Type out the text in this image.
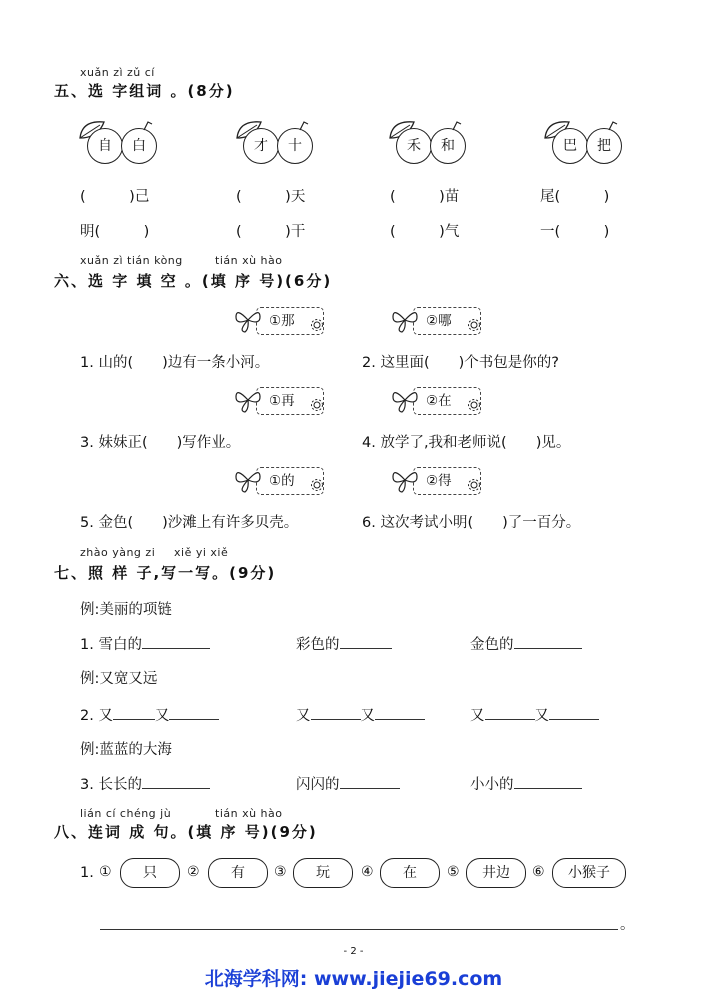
xuǎn zì zǔ cí
五、选 字组词 。(8分)
自	白	才	十	禾	和	巴	把
(　　　)己	(　　　)天	(　　　)苗	尾(　　　)
明(　　　)	(　　　)干	(　　　)气	一(　　　)
xuǎn zì tián kòng	tián xù hào
六、选 字 填 空 。(填 序 号)(6分)
①那	②哪
1. 山的(　　)边有一条小河。	2. 这里面(　　)个书包是你的?
①再	②在
3. 妹妹正(　　)写作业。	4. 放学了,我和老师说(　　)见。
①的	②得
5. 金色(　　)沙滩上有许多贝壳。	6. 这次考试小明(　　)了一百分。
zhào yàng zi xiě yi xiě
七、照 样 子,写一写。(9分)
例:美丽的项链
1. 雪白的	彩色的	金色的
例:又宽又远
2. 又	又	又	又	又	又
例:蓝蓝的大海
3. 长长的	闪闪的	小小的
lián cí chéng jù	tián xù hào
八、连词 成 句。(填 序 号)(9分)
1. ①	只	②	有	③	玩	④	在	⑤	井边	⑥	小猴子
。
- 2 -
北海学科网: www.jiejie69.com
